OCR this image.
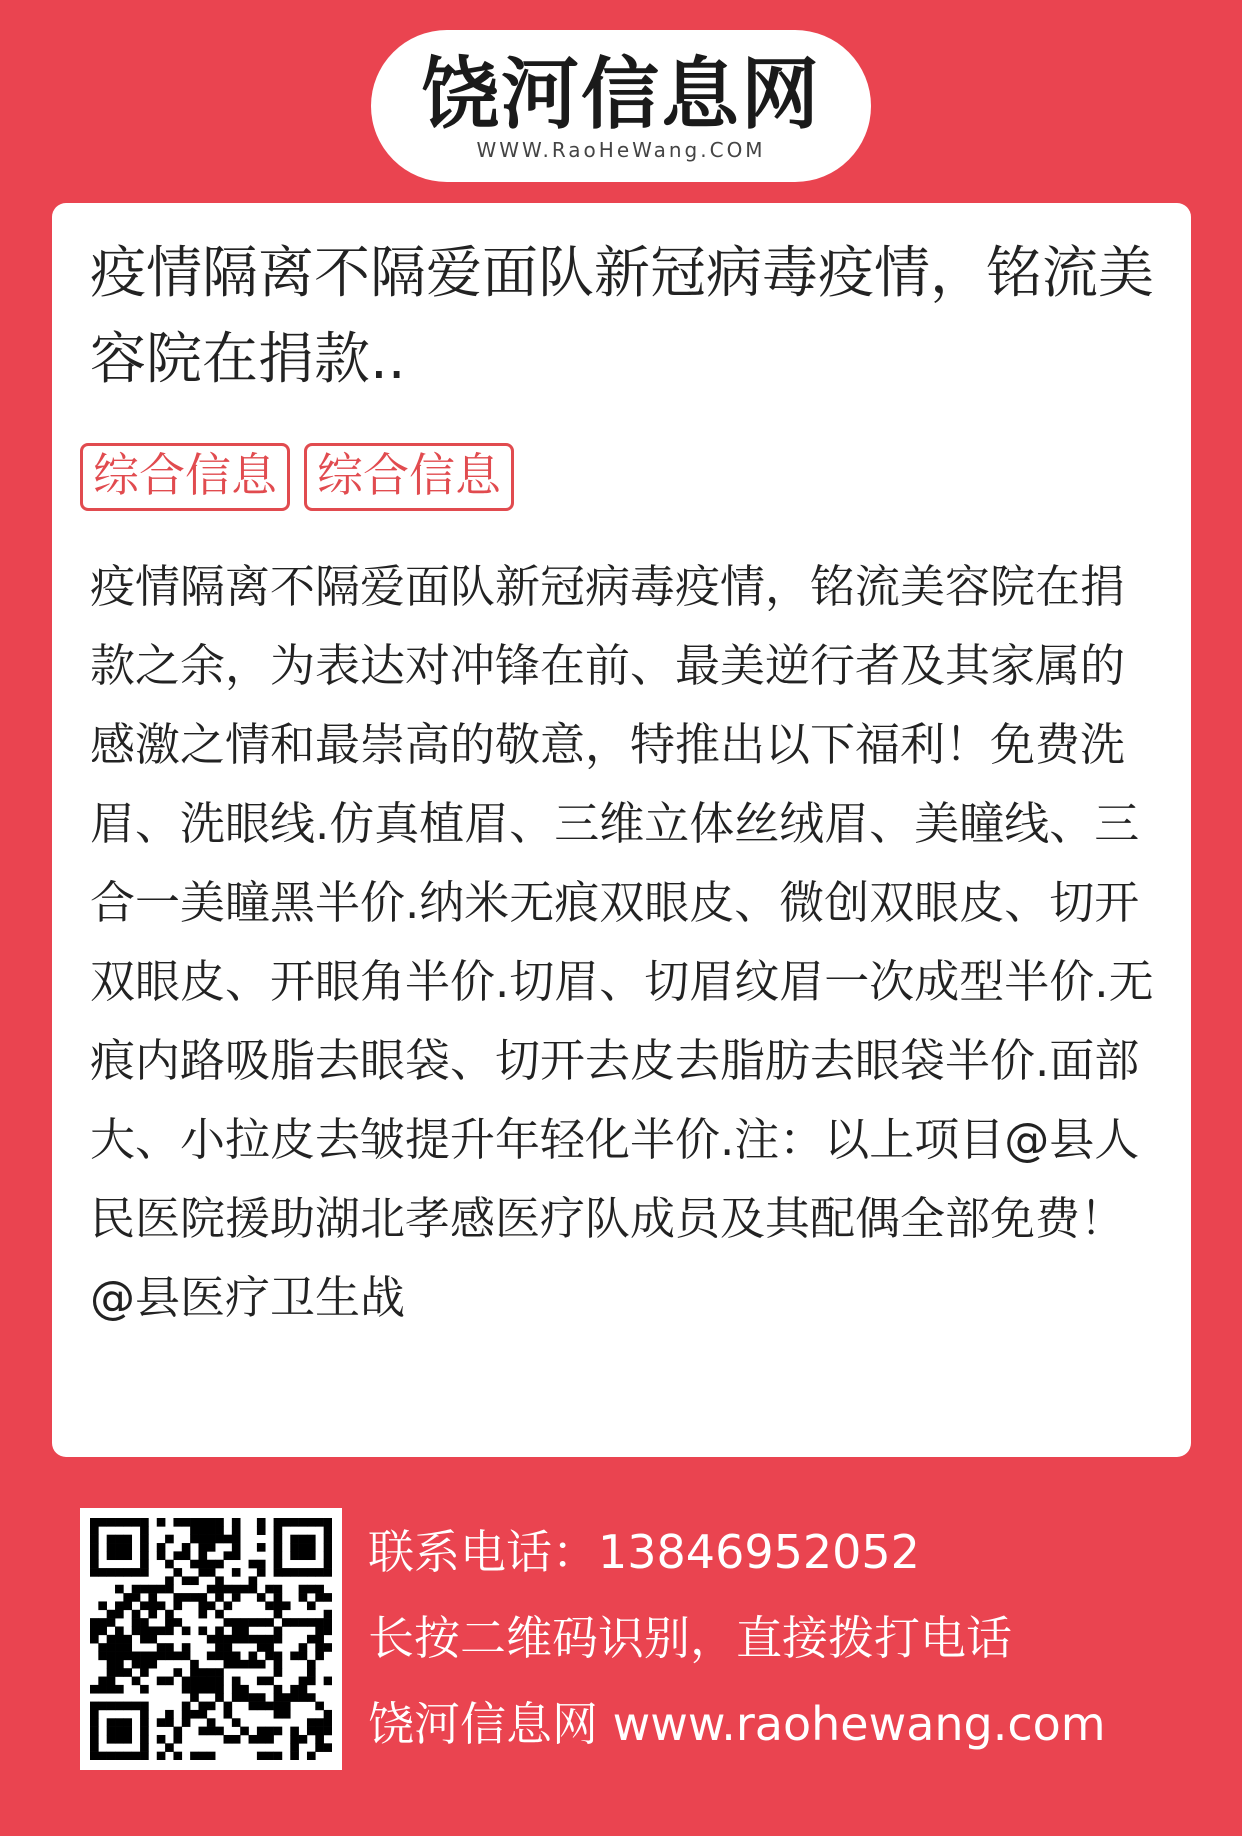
饶河信息网
WWW.RaoHeWang.COM
疫情隔离不隔爱面队新冠病毒疫情，铭流美容院在捐款..
综合信息 综合信息
疫情隔离不隔爱面队新冠病毒疫情，铭流美容院在捐款之余，为表达对冲锋在前、最美逆行者及其家属的感激之情和最崇高的敬意，特推出以下福利！免费洗眉、洗眼线.仿真植眉、三维立体丝绒眉、美瞳线、三合一美瞳黑半价.纳米无痕双眼皮、微创双眼皮、切开双眼皮、开眼角半价.切眉、切眉纹眉一次成型半价.无痕内路吸脂去眼袋、切开去皮去脂肪去眼袋半价.面部大、小拉皮去皱提升年轻化半价.注：以上项目@县人民医院援助湖北孝感医疗队成员及其配偶全部免费！@县医疗卫生战
联系电话：13846952052
长按二维码识别，直接拨打电话
饶河信息网 www.raohewang.com
